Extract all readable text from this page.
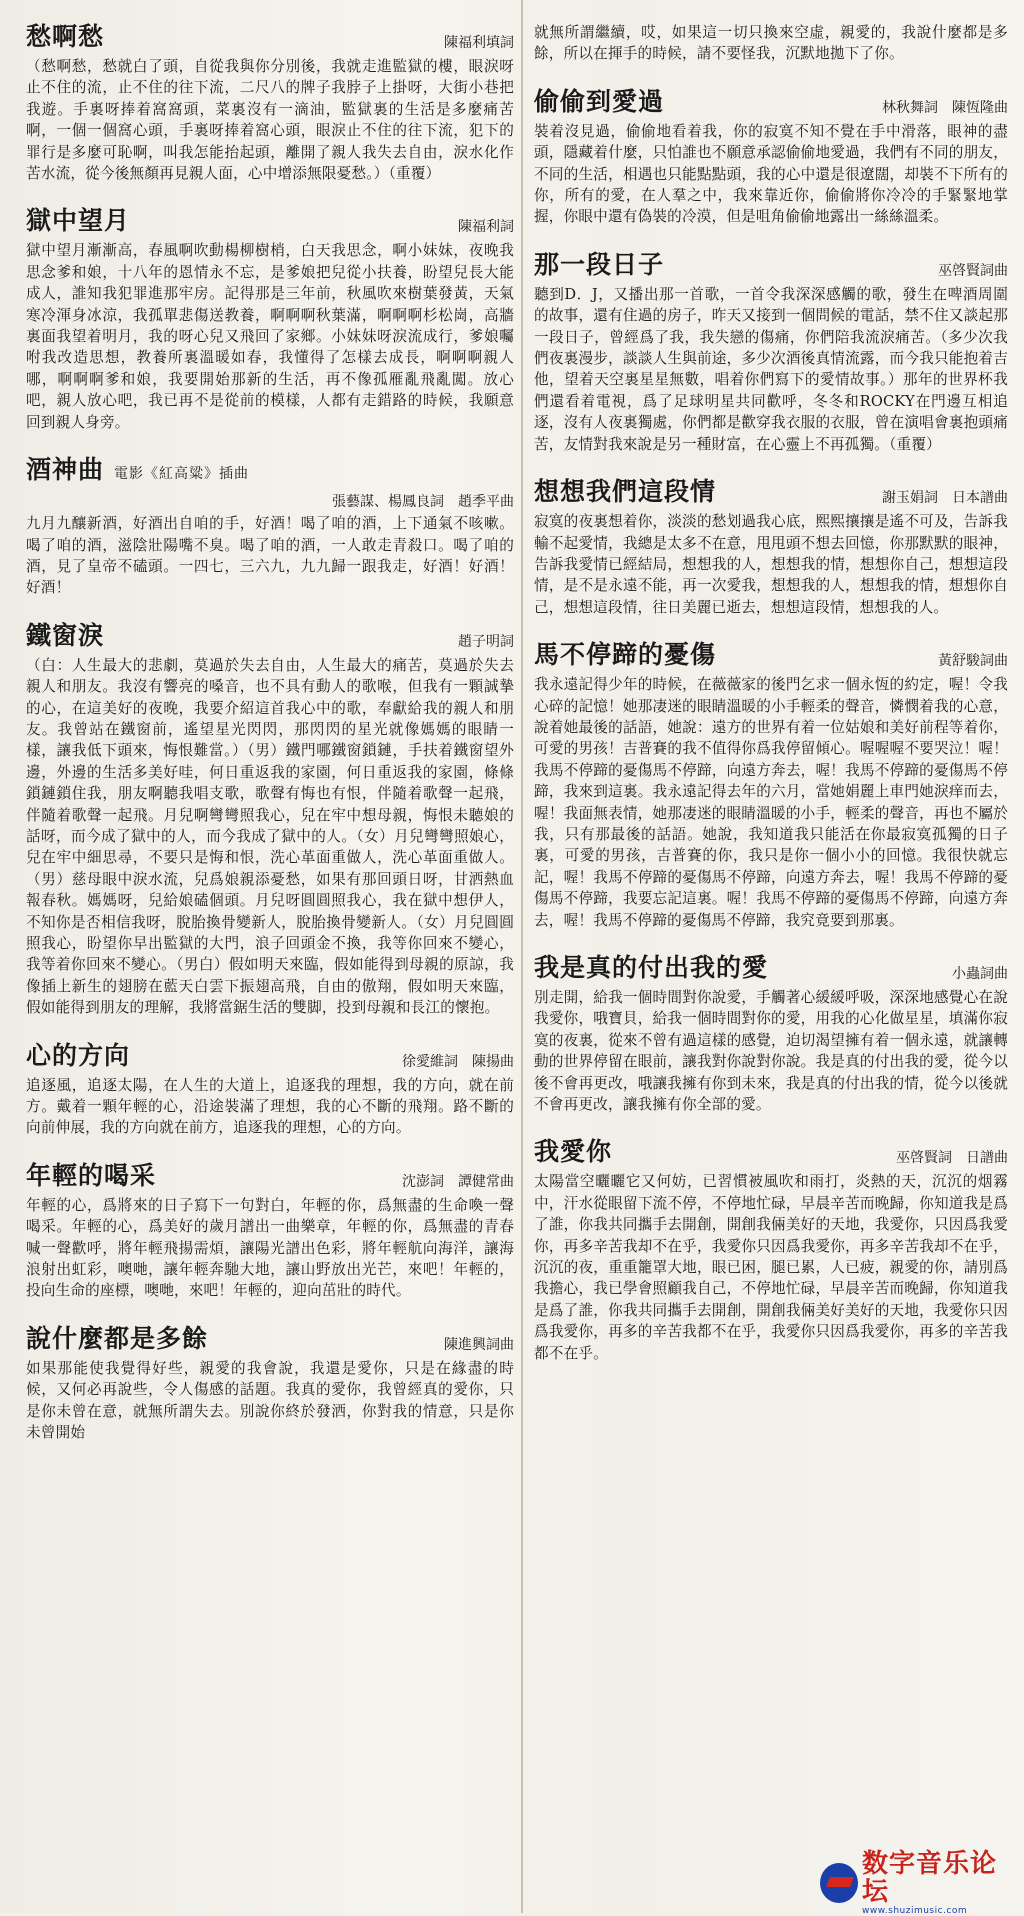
愁啊愁	陳福利填詞
（愁啊愁，愁就白了頭，自從我與你分別後，我就走進監獄的樓，眼淚呀止不住的流，止不住的往下流，二尺八的牌子我脖子上掛呀，大街小巷把我遊。手裏呀捧着窩窩頭，菜裏沒有一滴油，監獄裏的生活是多麼痛苦啊，一個一個窩心頭，手裏呀捧着窩心頭，眼淚止不住的往下流，犯下的罪行是多麼可恥啊，叫我怎能抬起頭，離開了親人我失去自由，淚水化作苦水流，從今後無顏再見親人面，心中增添無限憂愁。）（重覆）
獄中望月	陳福利詞
獄中望月漸漸高，春風啊吹動楊柳樹梢，白天我思念，啊小妹妹，夜晚我思念爹和娘，十八年的恩情永不忘，是爹娘把兒從小扶養，盼望兒長大能成人，誰知我犯罪進那牢房。記得那是三年前，秋風吹來樹葉發黃，天氣寒冷渾身冰涼，我孤單悲傷送教養，啊啊啊秋葉滿，啊啊啊杉松崗，高牆裏面我望着明月，我的呀心兒又飛回了家鄉。小妹妹呀淚流成行，爹娘囑咐我改造思想，教養所裏溫暖如春，我懂得了怎樣去成長，啊啊啊親人哪，啊啊啊爹和娘，我要開始那新的生活，再不像孤雁亂飛亂闖。放心吧，親人放心吧，我已再不是從前的模樣，人都有走錯路的時候，我願意回到親人身旁。
酒神曲 電影《紅高粱》插曲
張藝謀、楊鳳良詞　趙季平曲
九月九釀新酒，好酒出自咱的手，好酒！喝了咱的酒，上下通氣不咳嗽。喝了咱的酒，滋陰壯陽嘴不臭。喝了咱的酒，一人敢走青殺口。喝了咱的酒，見了皇帝不磕頭。一四七，三六九，九九歸一跟我走，好酒！好酒！好酒！
鐵窗淚	趙子明詞
（白：人生最大的悲劇，莫過於失去自由，人生最大的痛苦，莫過於失去親人和朋友。我沒有響亮的嗓音，也不具有動人的歌喉，但我有一顆誠摯的心，在這美好的夜晚，我要介紹這首我心中的歌，奉獻給我的親人和朋友。我曾站在鐵窗前，遙望星光閃閃，那閃閃的星光就像媽媽的眼睛一樣，讓我低下頭來，悔恨難當。）（男）鐵門哪鐵窗鎖鏈，手扶着鐵窗望外邊，外邊的生活多美好哇，何日重返我的家園，何日重返我的家園，條條鎖鏈鎖住我，朋友啊聽我唱支歌，歌聲有悔也有恨，伴隨着歌聲一起飛，伴隨着歌聲一起飛。月兒啊彎彎照我心，兒在牢中想母親，悔恨未聽娘的話呀，而今成了獄中的人，而今我成了獄中的人。（女）月兒彎彎照娘心，兒在牢中細思尋，不要只是悔和恨，洗心革面重做人，洗心革面重做人。（男）慈母眼中淚水流，兒爲娘親添憂愁，如果有那回頭日呀，甘洒熱血報春秋。媽媽呀，兒給娘磕個頭。月兒呀圓圓照我心，我在獄中想伊人，不知你是否相信我呀，脫胎換骨變新人，脫胎換骨變新人。（女）月兒圓圓照我心，盼望你早出監獄的大門，浪子回頭金不換，我等你回來不變心，我等着你回來不變心。（男白）假如明天來臨，假如能得到母親的原諒，我像插上新生的翅膀在藍天白雲下振翅高飛，自由的傲翔，假如明天來臨，假如能得到朋友的理解，我將當鋸生活的雙脚，投到母親和長江的懷抱。
心的方向	徐愛維詞　陳揚曲
追逐風，追逐太陽，在人生的大道上，追逐我的理想，我的方向，就在前方。戴着一顆年輕的心，沿途裝滿了理想，我的心不斷的飛翔。路不斷的向前伸展，我的方向就在前方，追逐我的理想，心的方向。
年輕的喝采	沈澎詞　譚健常曲
年輕的心，爲將來的日子寫下一句對白，年輕的你，爲無盡的生命喚一聲喝采。年輕的心，爲美好的歲月譜出一曲樂章，年輕的你，爲無盡的青春喊一聲歡呼，將年輕飛揚需煩，讓陽光譜出色彩，將年輕航向海洋，讓海浪射出虹彩，噢哋，讓年輕奔馳大地，讓山野放出光芒，來吧！年輕的，投向生命的座標，噢哋，來吧！年輕的，迎向茁壯的時代。
說什麼都是多餘	陳進興詞曲
如果那能使我覺得好些，親愛的我會說，我還是愛你，只是在緣盡的時候，又何必再說些，令人傷感的話題。我真的愛你，我曾經真的愛你，只是你未曾在意，就無所謂失去。別說你終於發洒，你對我的情意，只是你未曾開始
就無所謂繼續，哎，如果這一切只換來空虛，親愛的，我說什麼都是多餘，所以在揮手的時候，請不要怪我，沉默地拋下了你。
偷偷到愛過	林秋舞詞　陳恆隆曲
裝着沒見過，偷偷地看着我，你的寂寞不知不覺在手中滑落，眼神的盡頭，隱藏着什麼，只怕誰也不願意承認偷偷地愛過，我們有不同的朋友，不同的生活，相遇也只能點點頭，我的心中還是很遼闊，却裝不下所有的你，所有的愛，在人羣之中，我來靠近你，偷偷將你冷冷的手緊緊地掌握，你眼中還有偽裝的冷漠，但是咀角偷偷地露出一絲絲溫柔。
那一段日子	巫啓賢詞曲
聽到D．J，又播出那一首歌，一首令我深深感觸的歌，發生在啤酒周圍的故事，還有住過的房子，昨天又接到一個問候的電話，禁不住又談起那一段日子，曾經爲了我，我失戀的傷痛，你們陪我流淚痛苦。（多少次我們夜裏漫步，談談人生與前途，多少次酒後真情流露，而今我只能抱着吉他，望着天空裏星星無數，唱着你們寫下的愛情故事。）那年的世界杯我們還看着電視，爲了足球明星共同歡呼，冬冬和ROCKY在門邊互相追逐，沒有人夜裏獨處，你們都是歡穿我衣服的衣服，曾在演唱會裏抱頭痛苦，友情對我來說是另一種財富，在心靈上不再孤獨。（重覆）
想想我們這段情	謝玉娟詞　日本譜曲
寂寞的夜裏想着你，淡淡的愁划過我心底，熙熙攘攘是遙不可及，告訴我輸不起愛情，我總是太多不在意，甩甩頭不想去回憶，你那默默的眼神，告訴我愛情已經結局，想想我的人，想想我的情，想想你自己，想想這段情，是不是永遠不能，再一次愛我，想想我的人，想想我的情，想想你自己，想想這段情，往日美麗已逝去，想想這段情，想想我的人。
馬不停蹄的憂傷	黃舒駿詞曲
我永遠記得少年的時候，在薇薇家的後門乞求一個永恆的約定，喔！令我心碎的記憶！她那凄迷的眼睛溫暖的小手輕柔的聲音，憐憫着我的心意，說着她最後的話語，她說：遠方的世界有着一位姑娘和美好前程等着你，可愛的男孩！吉普賽的我不值得你爲我停留傾心。喔喔喔不要哭泣！喔！我馬不停蹄的憂傷馬不停蹄，向遠方奔去，喔！我馬不停蹄的憂傷馬不停蹄，我來到這裏。我永遠記得去年的六月，當她娟麗上車門她淚痒而去，喔！我面無表情，她那凄迷的眼睛溫暖的小手，輕柔的聲音，再也不屬於我，只有那最後的話語。她說，我知道我只能活在你最寂寞孤獨的日子裏，可愛的男孩，吉普賽的你，我只是你一個小小的回憶。我很快就忘記，喔！我馬不停蹄的憂傷馬不停蹄，向遠方奔去，喔！我馬不停蹄的憂傷馬不停蹄，我要忘記這裏。喔！我馬不停蹄的憂傷馬不停蹄，向遠方奔去，喔！我馬不停蹄的憂傷馬不停蹄，我究竟要到那裏。
我是真的付出我的愛	小蟲詞曲
別走開，給我一個時間對你說愛，手觸著心緩緩呼吸，深深地感覺心在說我愛你，哦寶貝，給我一個時間對你的愛，用我的心化做星星，填滿你寂寞的夜裏，從來不曾有過這樣的感覺，迫切渴望擁有着一個永遠，就讓轉動的世界停留在眼前，讓我對你說對你說。我是真的付出我的愛，從今以後不會再更改，哦讓我擁有你到未來，我是真的付出我的情，從今以後就不會再更改，讓我擁有你全部的愛。
我愛你	巫啓賢詞　日譜曲
太陽當空曬曬它又何妨，已習慣被風吹和雨打，炎熱的天，沉沉的烟霧中，汗水從眼留下流不停，不停地忙碌，早晨辛苦而晚歸，你知道我是爲了誰，你我共同攜手去開創，開創我倆美好的天地，我愛你，只因爲我愛你，再多辛苦我却不在乎，我愛你只因爲我愛你，再多辛苦我却不在乎，沉沉的夜，重重籠罩大地，眼已困，腿已累，人已疲，親愛的你，請別爲我擔心，我已學會照顧我自己，不停地忙碌，早晨辛苦而晚歸，你知道我是爲了誰，你我共同攜手去開創，開創我倆美好美好的天地，我愛你只因爲我愛你，再多的辛苦我都不在乎，我愛你只因爲我愛你，再多的辛苦我都不在乎。
数字音乐论坛
www.shuzimusic.com
